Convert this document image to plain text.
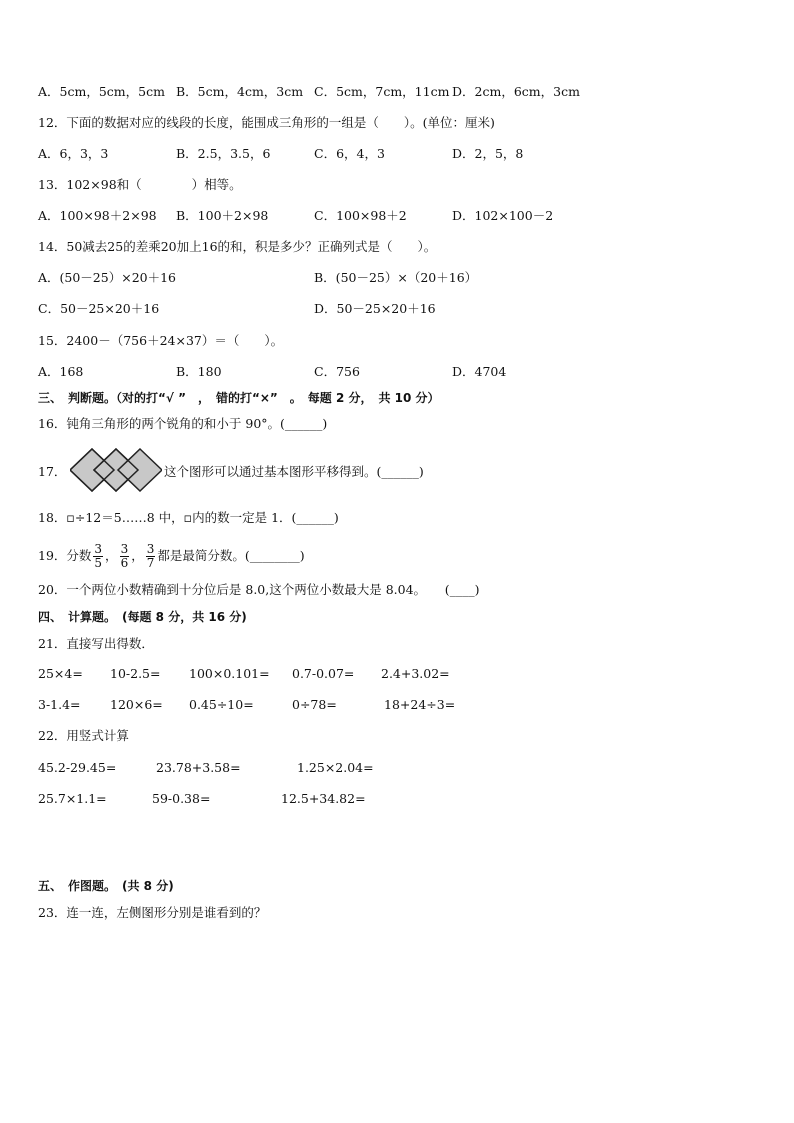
A．5cm，5cm，5cm B．5cm，4cm，3cm C．5cm，7cm，11cm D．2cm，6cm，3cm
12．下面的数据对应的线段的长度，能围成三角形的一组是（　　）。(单位：厘米)
A．6，3，3	B．2.5，3.5，6	C．6，4，3	D．2，5，8
13．102×98和（　　　　）相等。
A．100×98＋2×98 B．100＋2×98	C．100×98＋2	D．102×100－2
14．50减去25的差乘20加上16的和，积是多少？正确列式是（　　）。
A．(50－25）×20＋16	B．(50－25）×（20＋16）
C．50－25×20＋16	D．50－25×20＋16
15．2400－（756＋24×37）＝（　　）。
A．168	B．180	C．756	D．4704
三、　判断题。（对的打“√ ”　，　错的打“×”　。　每题 2 分，　共 10 分）
16．钝角三角形的两个锐角的和小于 90°。(______)
17．	这个图形可以通过基本图形平移得到。(______)
18．▫÷12＝5……8 中，▫内的数一定是 1．(______)
19．分数 $\frac{3}{5}$ ， $\frac{3}{6}$ ， $\frac{3}{7}$ 都是最简分数。(________)
20．一个两位小数精确到十分位后是 8.0,这个两位小数最大是 8.04。　　(____)
四、　计算题。　(每题 8 分，共 16 分)
21．直接写出得数．
25×4= 10-2.5= 100×0.101= 0.7-0.07= 2.4+3.02=
3-1.4= 120×6= 0.45÷10=	0÷78=	18+24÷3=
22．用竖式计算
45.2-29.45=	23.78+3.58=	1.25×2.04=
25.7×1.1=	59-0.38=	12.5+34.82=
五、　作图题。　(共 8 分)
23．连一连，左侧图形分别是谁看到的？
